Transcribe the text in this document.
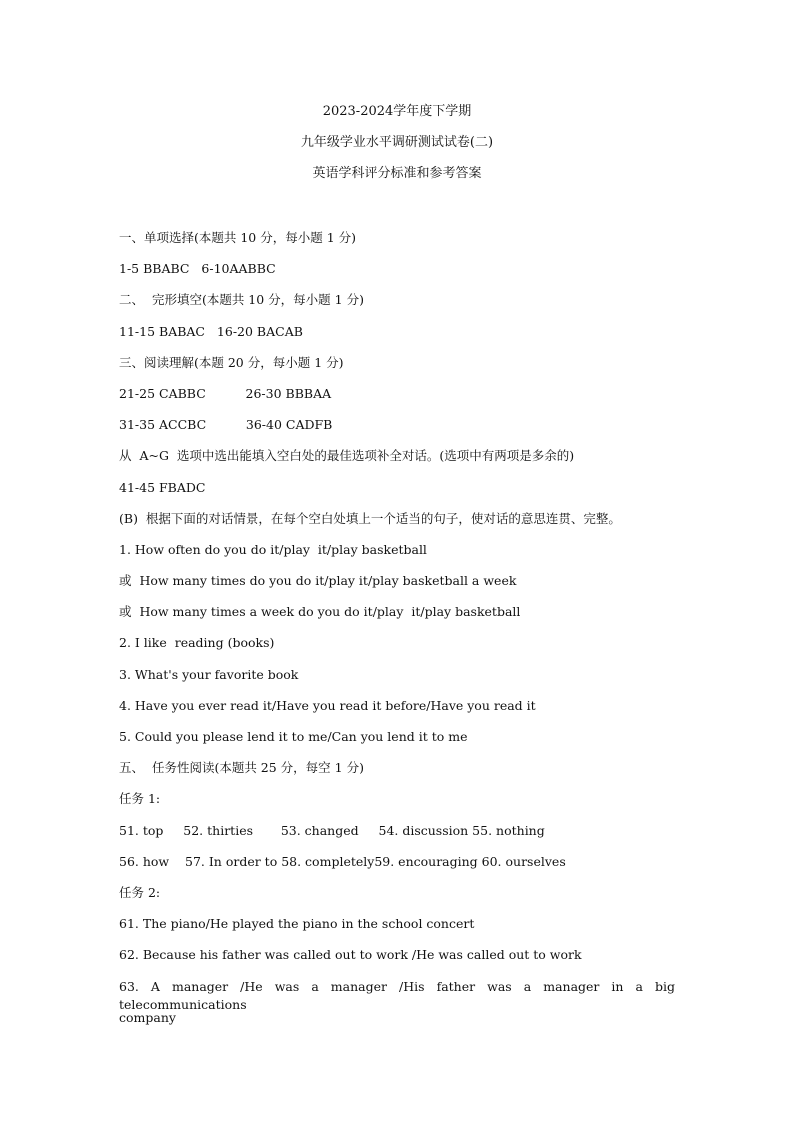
2023-2024学年度下学期
九年级学业水平调研测试试卷(二)
英语学科评分标准和参考答案
一、单项选择(本题共 10 分，每小题 1 分)
1-5 BBABC   6-10AABBC
二、  完形填空(本题共 10 分，每小题 1 分)
11-15 BABAC   16-20 BACAB
三、阅读理解(本题 20 分，每小题 1 分)
21-25 CABBC          26-30 BBBAA
31-35 ACCBC          36-40 CADFB
从  A~G  选项中选出能填入空白处的最佳选项补全对话。(选项中有两项是多余的)
41-45 FBADC
(B)  根据下面的对话情景，在每个空白处填上一个适当的句子，使对话的意思连贯、完整。
1. How often do you do it/play  it/play basketball
或  How many times do you do it/play it/play basketball a week
或  How many times a week do you do it/play  it/play basketball
2. I like  reading (books)
3. What's your favorite book
4. Have you ever read it/Have you read it before/Have you read it
5. Could you please lend it to me/Can you lend it to me
五、  任务性阅读(本题共 25 分，每空 1 分)
任务 1:
51. top     52. thirties       53. changed     54. discussion 55. nothing
56. how    57. In order to 58. completely59. encouraging 60. ourselves
任务 2:
61. The piano/He played the piano in the school concert
62. Because his father was called out to work /He was called out to work
63. A manager /He was a manager /His father was a manager in a big telecommunications
company
